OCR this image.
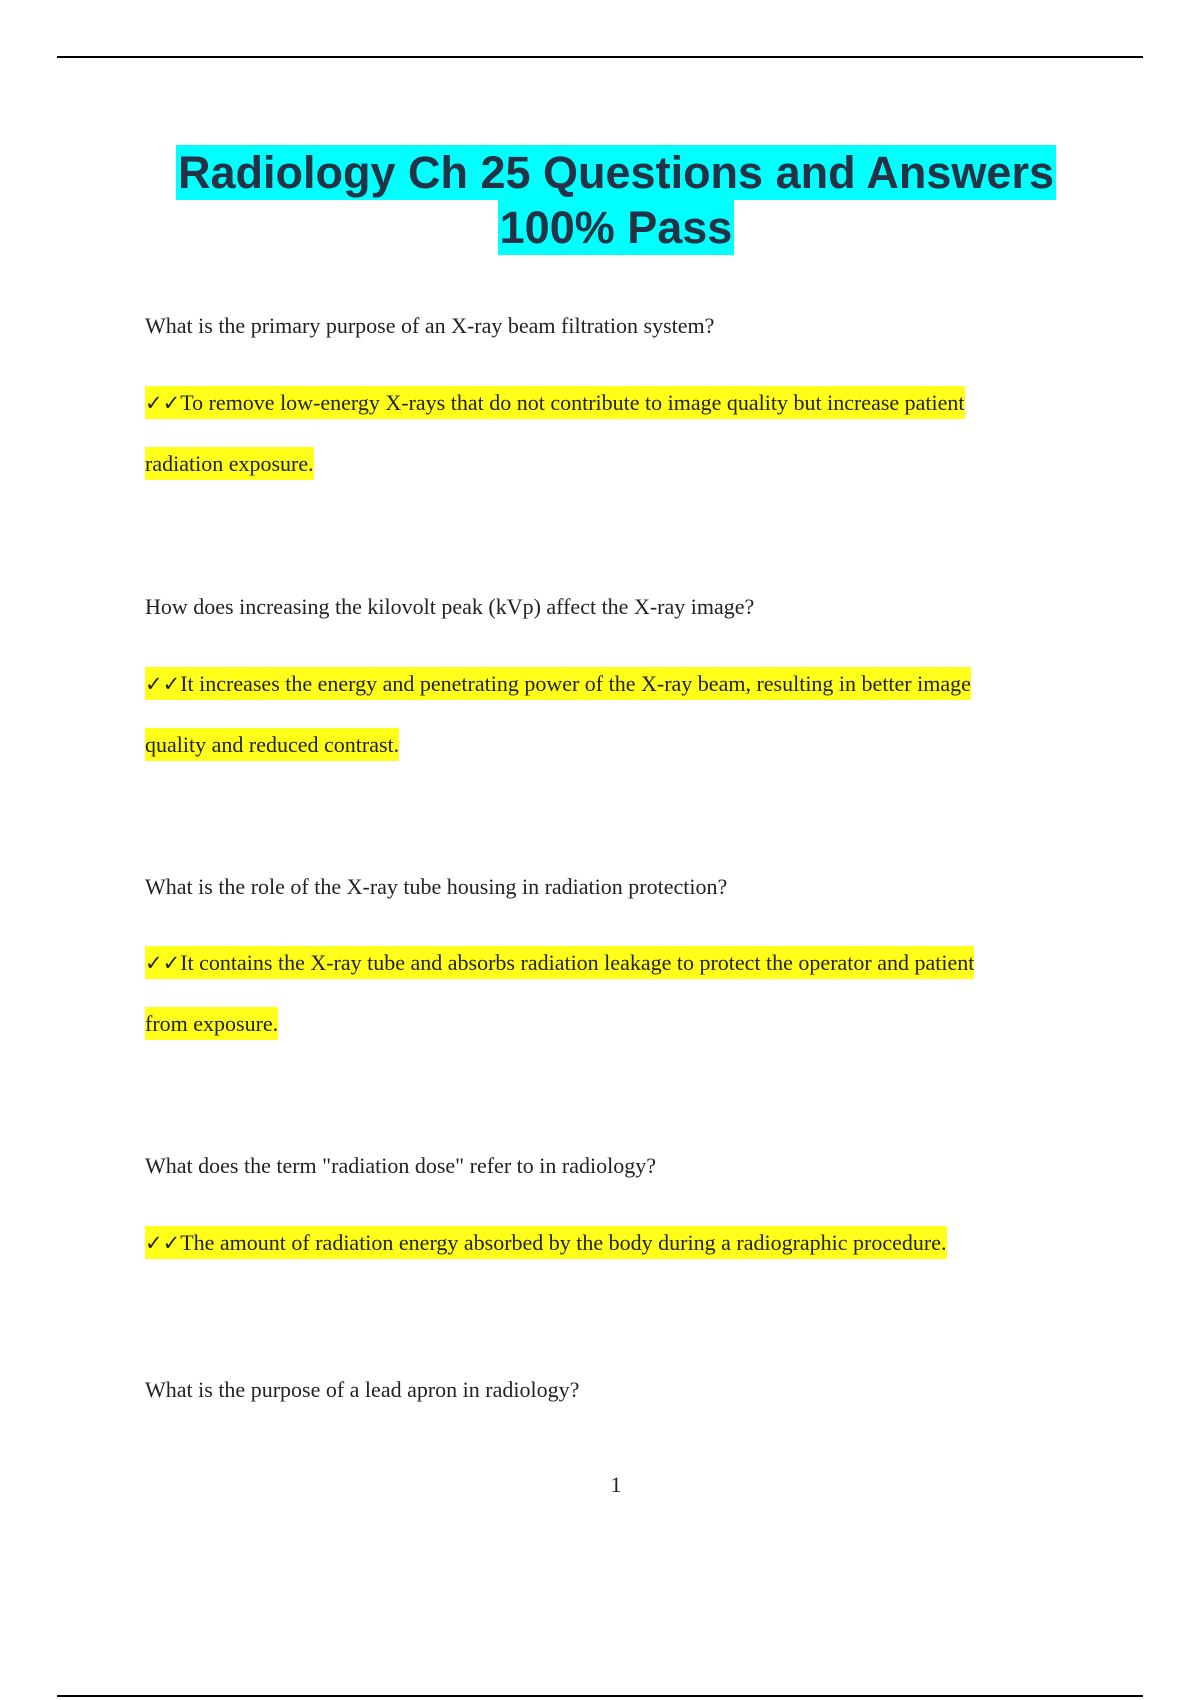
Radiology Ch 25 Questions and Answers
100% Pass
What is the primary purpose of an X-ray beam filtration system?
✓✓To remove low-energy X-rays that do not contribute to image quality but increase patient
radiation exposure.
How does increasing the kilovolt peak (kVp) affect the X-ray image?
✓✓It increases the energy and penetrating power of the X-ray beam, resulting in better image
quality and reduced contrast.
What is the role of the X-ray tube housing in radiation protection?
✓✓It contains the X-ray tube and absorbs radiation leakage to protect the operator and patient
from exposure.
What does the term "radiation dose" refer to in radiology?
✓✓The amount of radiation energy absorbed by the body during a radiographic procedure.
What is the purpose of a lead apron in radiology?
1
